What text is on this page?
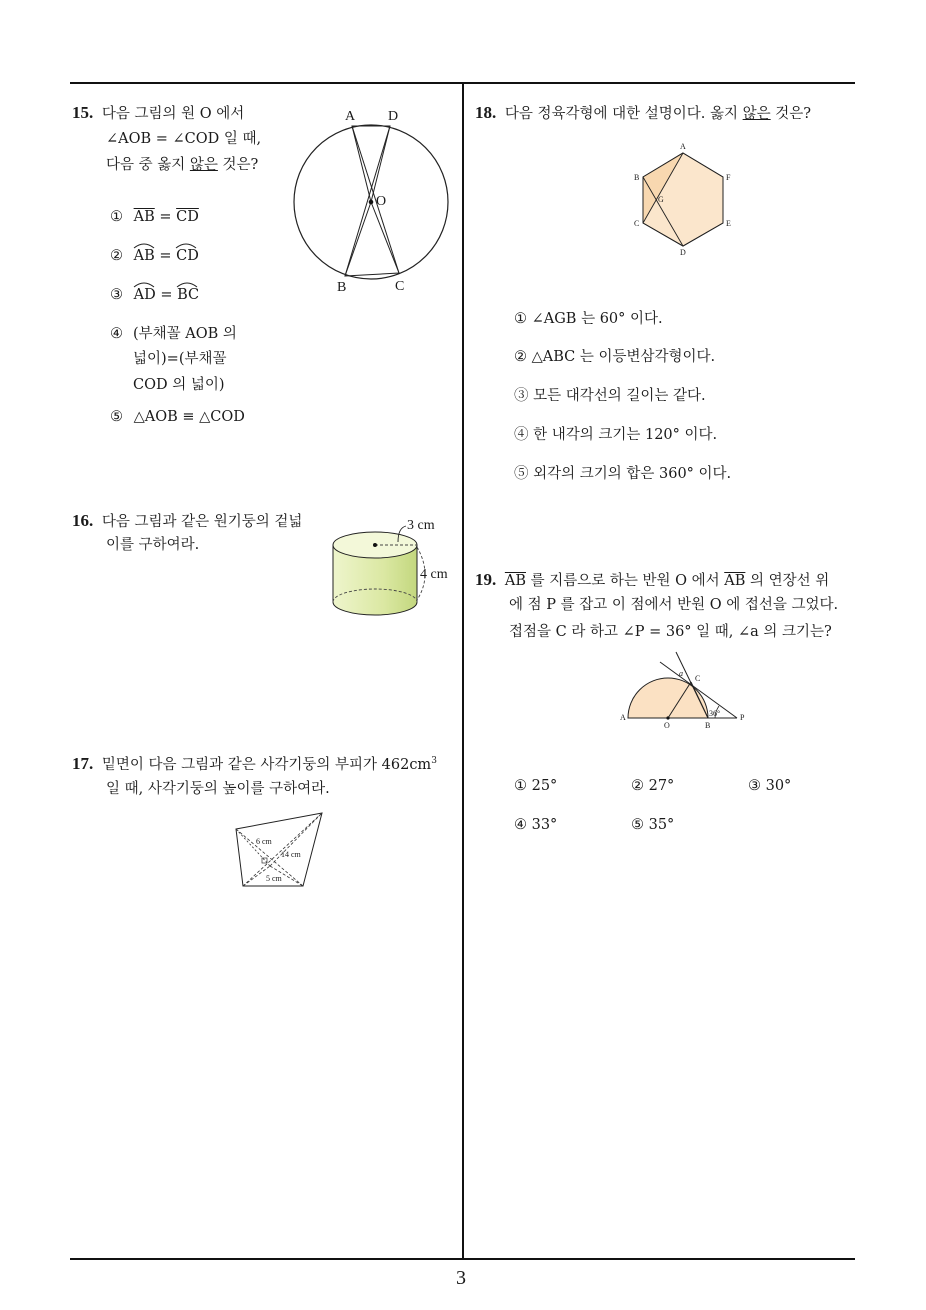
3
15. 다음 그림의 원 O 에서
∠AOB = ∠COD 일 때,
다음 중 옳지 않은 것은?
A D
O
B	C
① $\overline{AB} = \overline{CD}$
② AB = CD
③ AD = BC
④ (부채꼴 AOB 의
넓이)=(부채꼴
COD 의 넓이)
⑤ △AOB ≡ △COD
16. 다음 그림과 같은 원기둥의 겉넓
이를 구하여라.
3 cm
4 cm
17. 밑면이 다음 그림과 같은 사각기둥의 부피가 $462cm^3$
일 때, 사각기둥의 높이를 구하여라.
6 cm
14 cm
5 cm
18. 다음 정육각형에 대한 설명이다. 옳지 않은 것은?
A
B	F
G
C	E
D
① ∠AGB 는 60° 이다.
② △ABC 는 이등변삼각형이다.
③ 모든 대각선의 길이는 같다.
④ 한 내각의 크기는 120° 이다.
⑤ 외각의 크기의 합은 360° 이다.
19. $\overline{AB}$ 를 지름으로 하는 반원 O 에서 $\overline{AB}$ 의 연장선 위
에 점 P 를 잡고 이 점에서 반원 O 에 접선을 그었다.
접점을 C 라 하고 ∠P = 36° 일 때, ∠a 의 크기는?
a
C
A
O	B
P
36°
① 25°	② 27°	③ 30°
④ 33°	⑤ 35°
